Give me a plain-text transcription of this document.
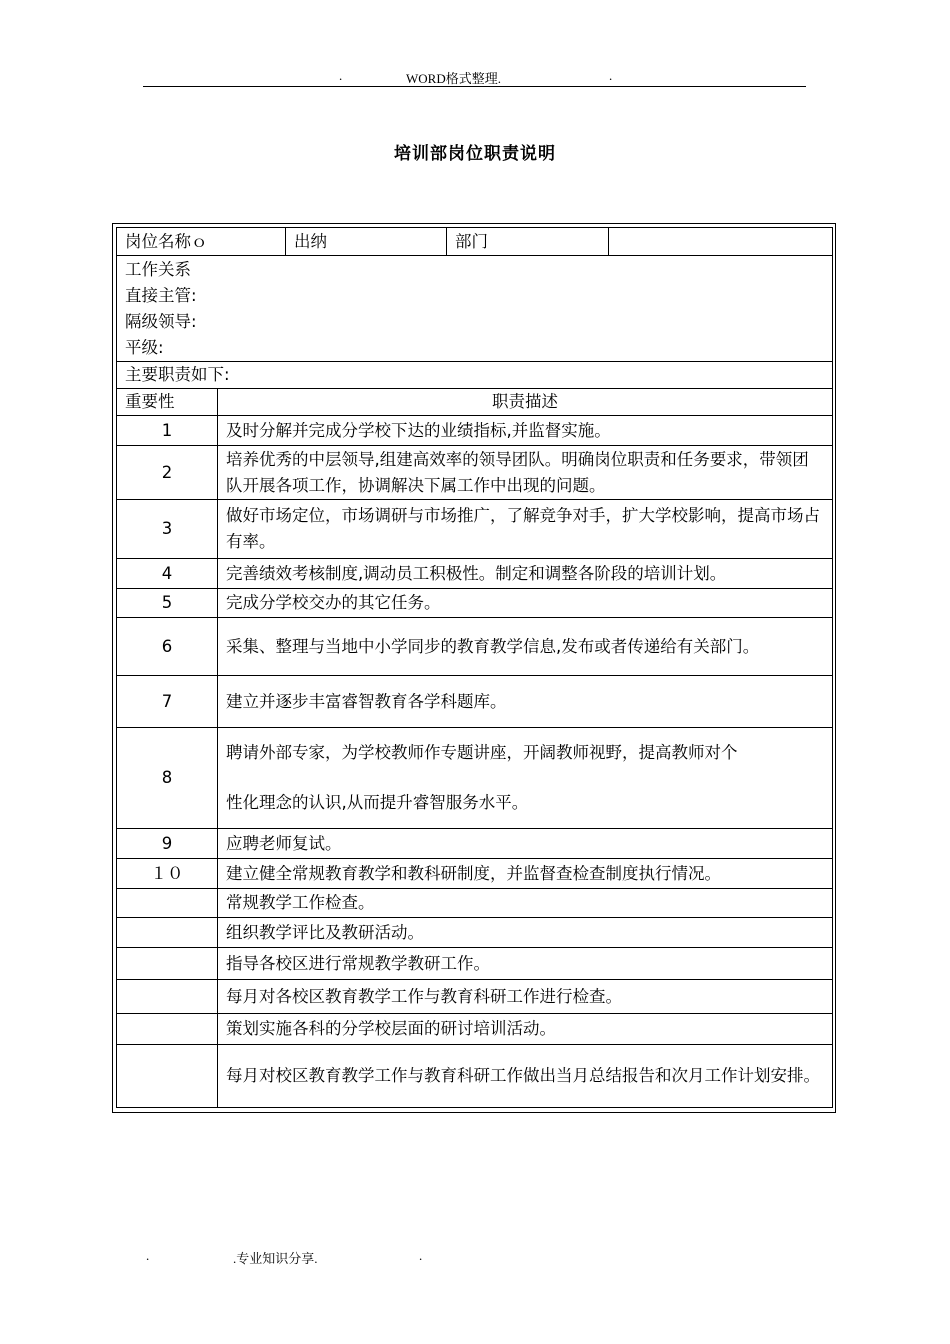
.	WORD格式整理.	.
培训部岗位职责说明
岗位名称ｏ		出纳	部门	

工作关系
直接主管:
隔级领导:
平级:				

主要职责如下:				
重要性	职责描述			
1	及时分解并完成分学校下达的业绩指标,并监督实施。			
2	培养优秀的中层领导,组建高效率的领导团队。明确岗位职责和任务要求，带领团队开展各项工作，协调解决下属工作中出现的问题。			
3	做好市场定位，市场调研与市场推广，了解竞争对手，扩大学校影响，提高市场占有率。			
4	完善绩效考核制度,调动员工积极性。制定和调整各阶段的培训计划。			
5	完成分学校交办的其它任务。			
6	采集、整理与当地中小学同步的教育教学信息,发布或者传递给有关部门。			
7	建立并逐步丰富睿智教育各学科题库。			
8	聘请外部专家，为学校教师作专题讲座，开阔教师视野，提高教师对个
性化理念的认识,从而提升睿智服务水平。			

9	应聘老师复试。			
１０	建立健全常规教育教学和教科研制度，并监督查检查制度执行情况。			
	常规教学工作检查。			
	组织教学评比及教研活动。			
	指导各校区进行常规教学教研工作。			
	每月对各校区教育教学工作与教育科研工作进行检查。			
	策划实施各科的分学校层面的研讨培训活动。			
	每月对校区教育教学工作与教育科研工作做出当月总结报告和次月工作计划安排。			
.	.专业知识分享.	.
